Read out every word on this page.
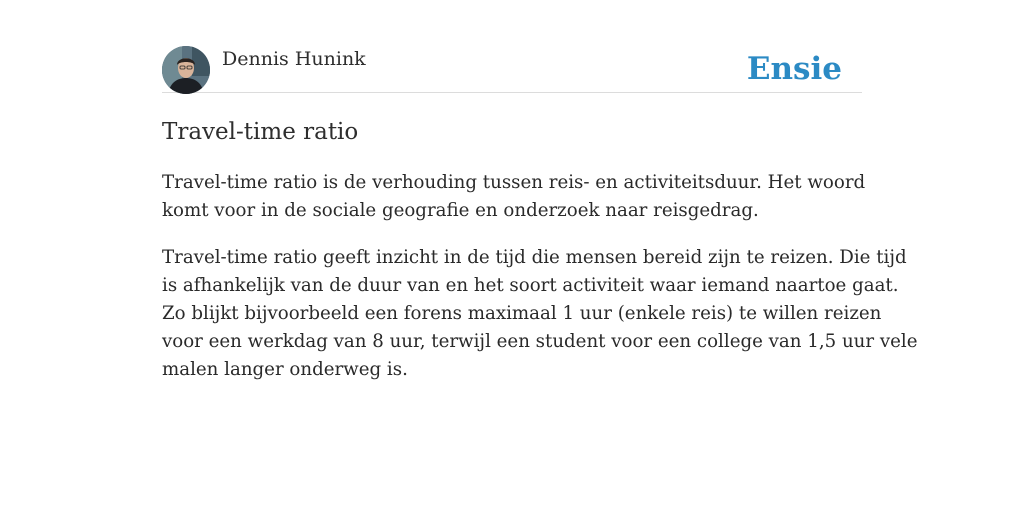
Dennis Hunink	Ensie
Travel-time ratio

Travel-time ratio is de verhouding tussen reis- en activiteitsduur. Het woord
komt voor in de sociale geografie en onderzoek naar reisgedrag.

Travel-time ratio geeft inzicht in de tijd die mensen bereid zijn te reizen. Die tijd
is afhankelijk van de duur van en het soort activiteit waar iemand naartoe gaat.
Zo blijkt bijvoorbeeld een forens maximaal 1 uur (enkele reis) te willen reizen
voor een werkdag van 8 uur, terwijl een student voor een college van 1,5 uur vele
malen langer onderweg is.
